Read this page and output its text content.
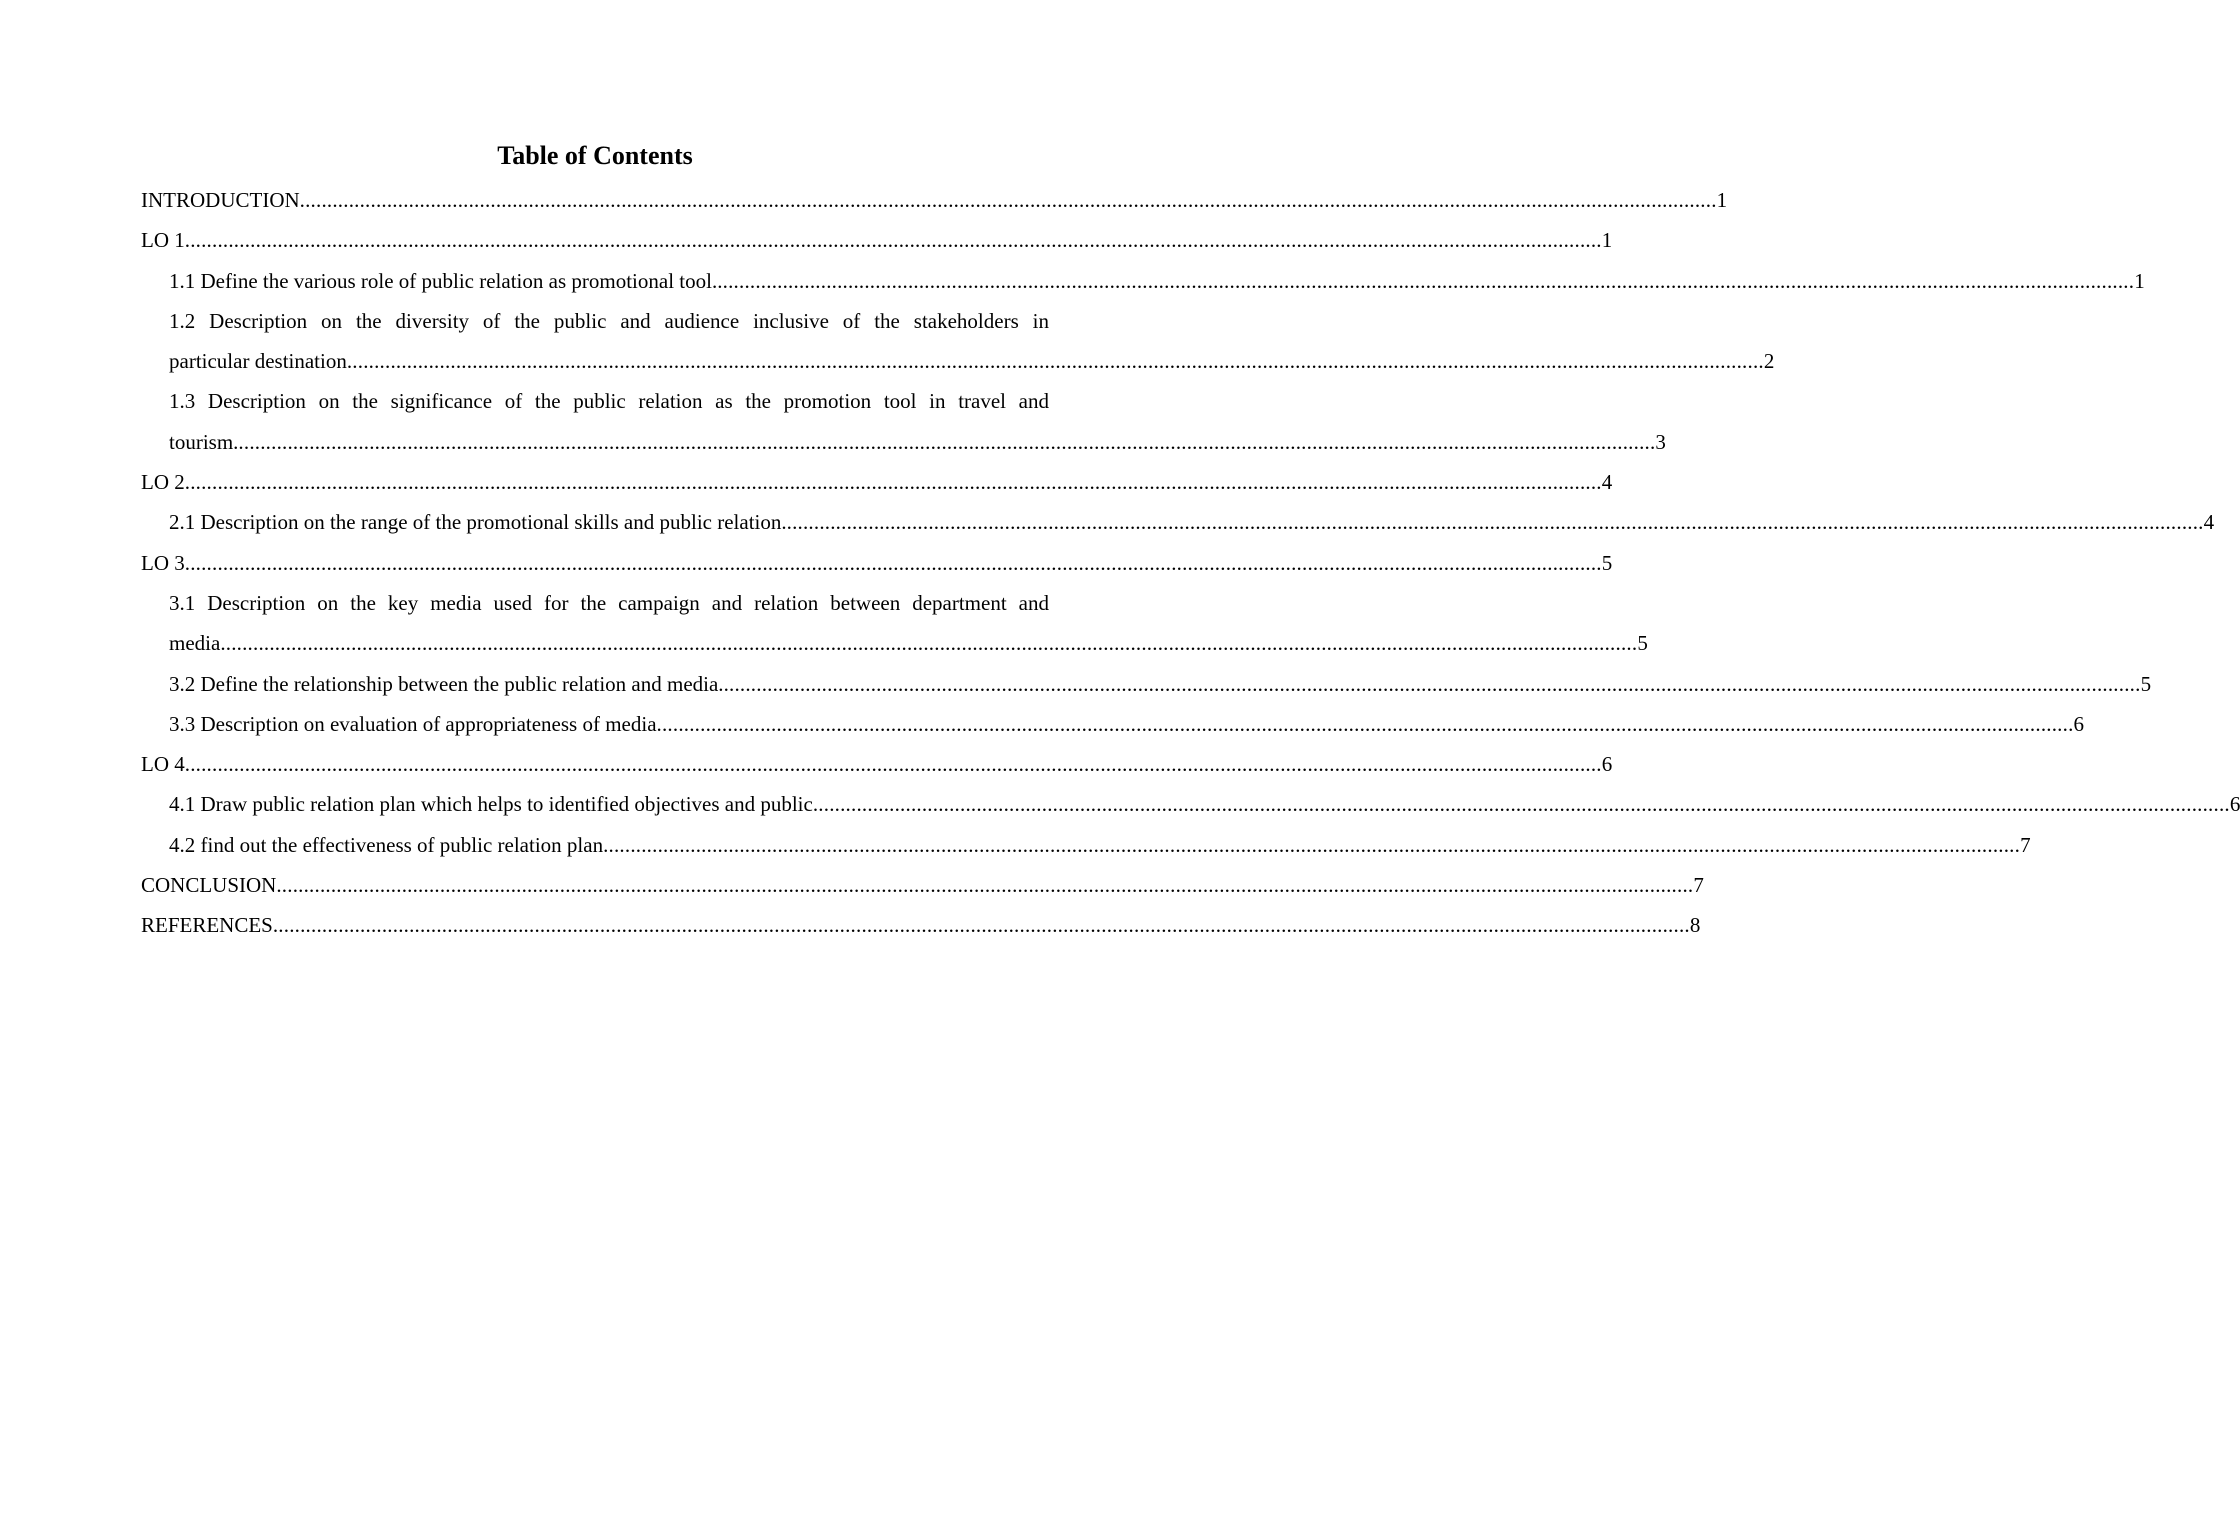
Table of Contents
INTRODUCTION .....	1
LO 1 .....	1
1.1 Define the various role of public relation as promotional tool. .....	1
1.2 Description on the diversity of the public and audience inclusive of the stakeholders in
particular destination .....	2
1.3 Description on the significance of the public relation as the promotion tool in travel and
tourism. .....	3
LO 2 .....	4
2.1 Description on the range of the promotional skills and public relation. .....	4
LO 3 .....	5
3.1 Description on the key media used for the campaign and relation between department and
media .....	5
3.2 Define the relationship between the public relation and media. .....	5
3.3 Description on evaluation of appropriateness of media .....	6
LO 4 .....	6
4.1 Draw public relation plan which helps to identified objectives and public .....	6
4.2 find out the effectiveness of public relation plan .....	7
CONCLUSION .....	7
REFERENCES .....	8
